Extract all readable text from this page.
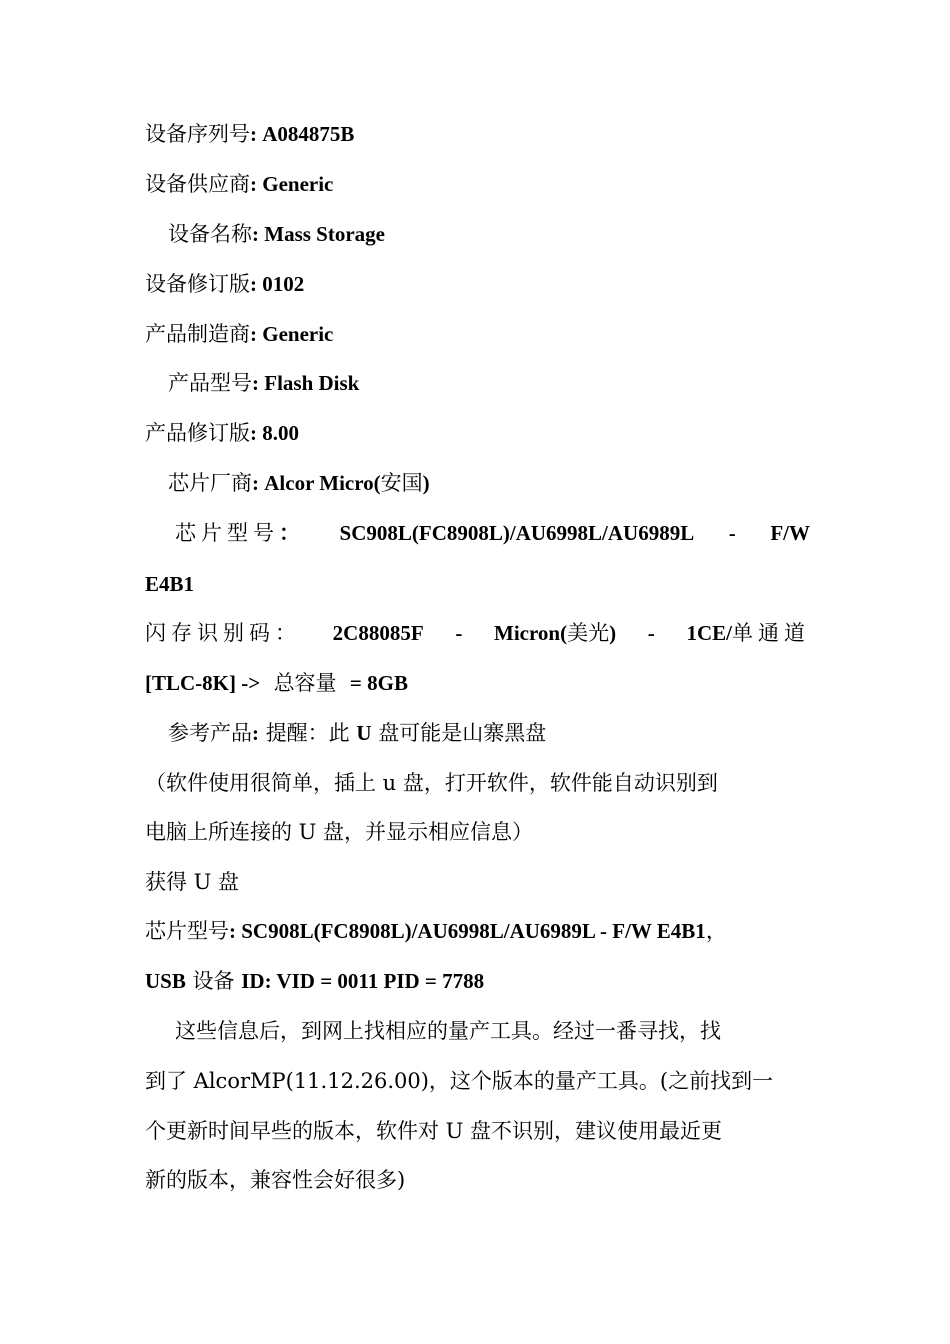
设备序列号: A084875B
设备供应商: Generic
设备名称: Mass Storage
设备修订版: 0102
产品制造商: Generic
产品型号: Flash Disk
产品修订版: 8.00
芯片厂商: Alcor Micro(安国)
芯片型号： SC908L(FC8908L)/AU6998L/AU6989L - F/W
E4B1
闪存识别码： 2C88085F - Micron(美光) - 1CE/单通道
[TLC-8K] -> 总容量 = 8GB
参考产品: 提醒：此 U 盘可能是山寨黑盘
（软件使用很简单，插上 u 盘，打开软件，软件能自动识别到
电脑上所连接的 U 盘，并显示相应信息）
获得 U 盘
芯片型号: SC908L(FC8908L)/AU6998L/AU6989L - F/W E4B1，
USB 设备 ID: VID = 0011 PID = 7788
这些信息后，到网上找相应的量产工具。经过一番寻找，找
到了 AlcorMP(11.12.26.00)，这个版本的量产工具。(之前找到一
个更新时间早些的版本，软件对 U 盘不识别，建议使用最近更
新的版本，兼容性会好很多)
